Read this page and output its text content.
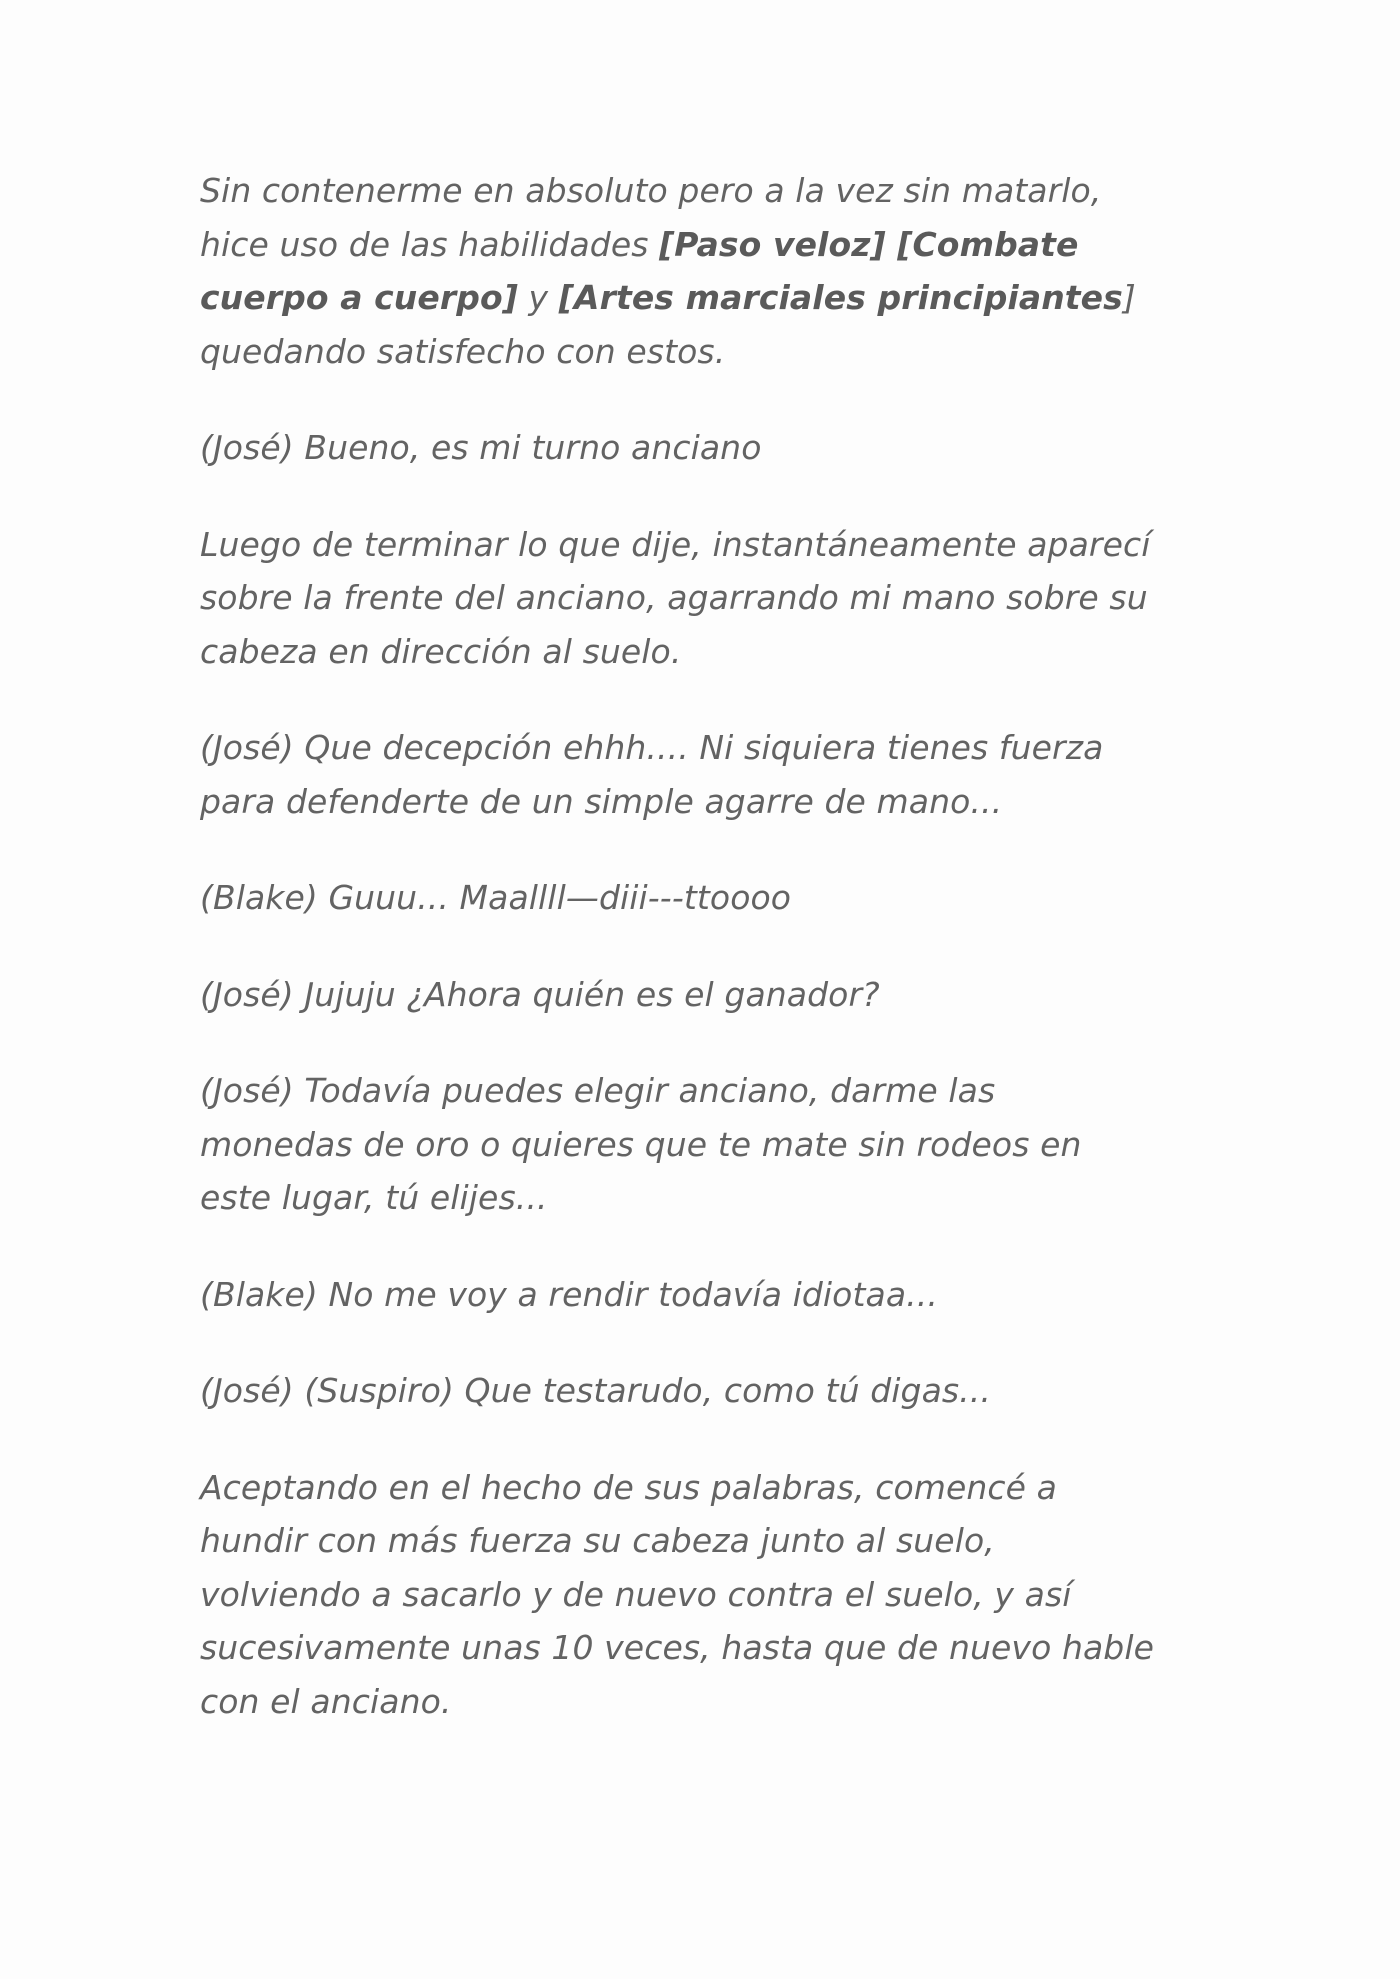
Sin contenerme en absoluto pero a la vez sin matarlo,
hice uso de las habilidades [Paso veloz] [Combate
cuerpo a cuerpo] y [Artes marciales principiantes]
quedando satisfecho con estos.
(José) Bueno, es mi turno anciano
Luego de terminar lo que dije, instantáneamente aparecí
sobre la frente del anciano, agarrando mi mano sobre su
cabeza en dirección al suelo.
(José) Que decepción ehhh.... Ni siquiera tienes fuerza
para defenderte de un simple agarre de mano...
(Blake) Guuu... Maallll—diii---ttoooo
(José) Jujuju ¿Ahora quién es el ganador?
(José) Todavía puedes elegir anciano, darme las
monedas de oro o quieres que te mate sin rodeos en
este lugar, tú elijes...
(Blake) No me voy a rendir todavía idiotaa...
(José) (Suspiro) Que testarudo, como tú digas...
Aceptando en el hecho de sus palabras, comencé a
hundir con más fuerza su cabeza junto al suelo,
volviendo a sacarlo y de nuevo contra el suelo, y así
sucesivamente unas 10 veces, hasta que de nuevo hable
con el anciano.
